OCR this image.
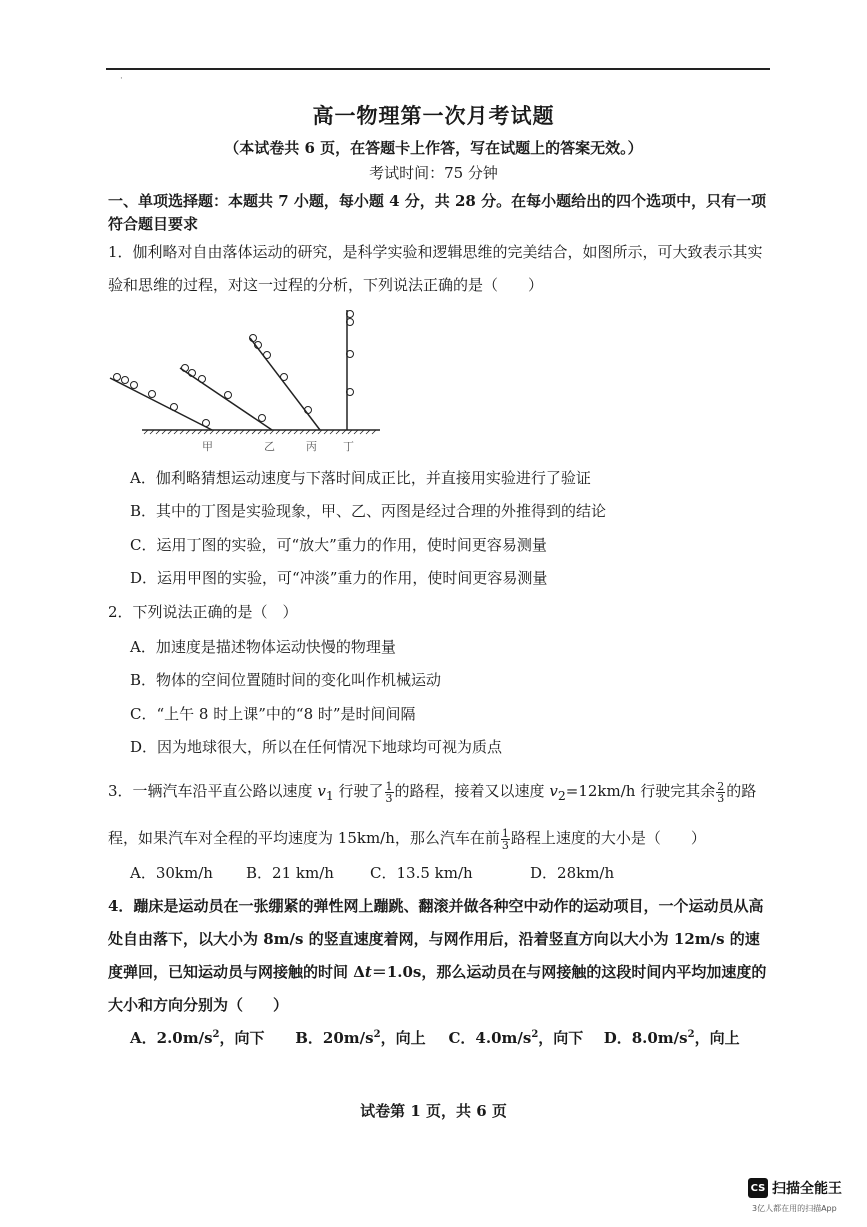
·
高一物理第一次月考试题
（本试卷共 6 页，在答题卡上作答，写在试题上的答案无效。）
考试时间：75 分钟
一、单项选择题：本题共 7 小题，每小题 4 分，共 28 分。在每小题给出的四个选项中，只有一项符合题目要求
1．伽利略对自由落体运动的研究，是科学实验和逻辑思维的完美结合，如图所示，可大致表示其实验和思维的过程，对这一过程的分析，下列说法正确的是（　　）
甲	乙	丙 丁
A．伽利略猜想运动速度与下落时间成正比，并直接用实验进行了验证
B．其中的丁图是实验现象，甲、乙、丙图是经过合理的外推得到的结论
C．运用丁图的实验，可“放大”重力的作用，使时间更容易测量
D．运用甲图的实验，可“冲淡”重力的作用，使时间更容易测量
2．下列说法正确的是（　）
A．加速度是描述物体运动快慢的物理量
B．物体的空间位置随时间的变化叫作机械运动
C．“上午 8 时上课”中的“8 时”是时间间隔
D．因为地球很大，所以在任何情况下地球均可视为质点
3．一辆汽车沿平直公路以速度 $v_1$ 行驶了 $\frac{1}{3}$ 的路程，接着又以速度 $v_2=12km/h$ 行驶完其余 $\frac{2}{3}$ 的路程，如果汽车对全程的平均速度为 15km/h，那么汽车在前 $\frac{1}{3}$ 路程上速度的大小是（　　）
A．30km/h	B．21 km/h	C．13.5 km/h	D．28km/h
4．蹦床是运动员在一张绷紧的弹性网上蹦跳、翻滚并做各种空中动作的运动项目，一个运动员从高处自由落下，以大小为 8m/s 的竖直速度着网，与网作用后，沿着竖直方向以大小为 12m/s 的速度弹回，已知运动员与网接触的时间 Δt＝1.0s，那么运动员在与网接触的这段时间内平均加速度的大小和方向分别为（　　）
A．$2.0m/s^2$，向下 B．$20m/s^2$，向上 C．$4.0m/s^2$，向下 D．$8.0m/s^2$，向上
试卷第 1 页，共 6 页
CS 扫描全能王
3亿人都在用的扫描App
